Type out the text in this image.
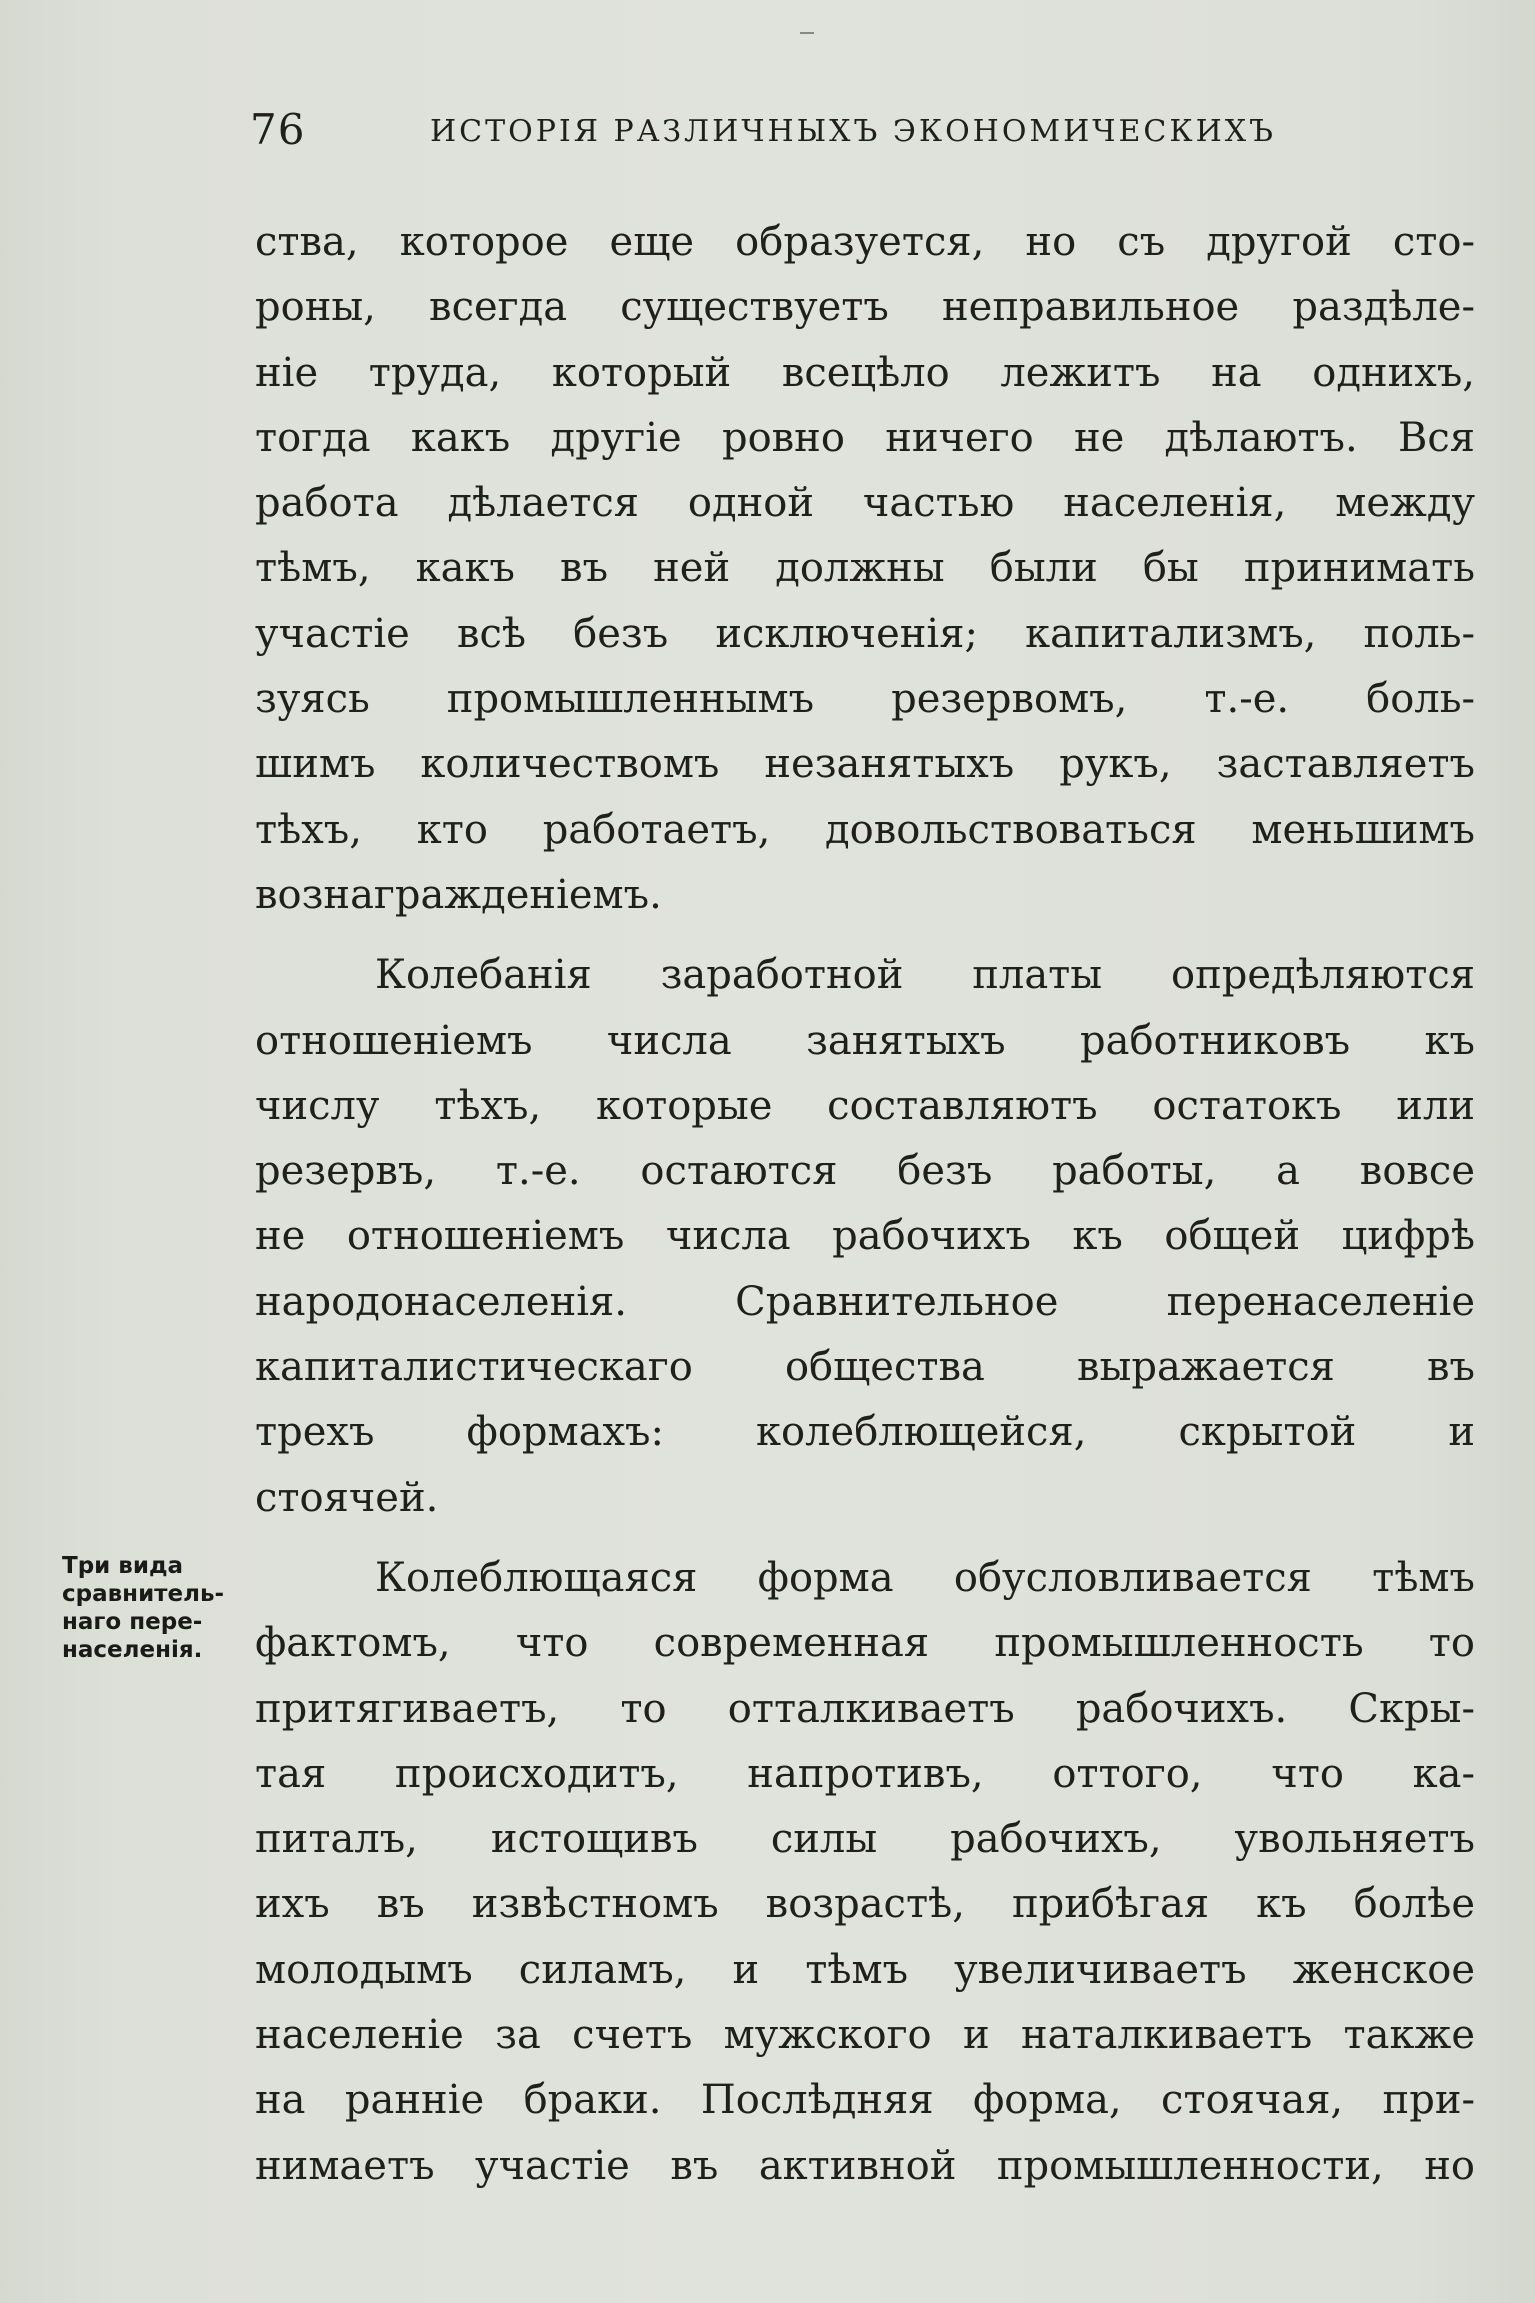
76	ИСТОРІЯ РАЗЛИЧНЫХЪ ЭКОНОМИЧЕСКИХЪ
Три вида
сравнитель-
наго пере-
населенія.
ства, которое еще образуется, но съ другой сто-
роны, всегда существуетъ неправильное раздѣле-
ніе труда, который всецѣло лежитъ на однихъ,
тогда какъ другіе ровно ничего не дѣлаютъ. Вся
работа дѣлается одной частью населенія, между
тѣмъ, какъ въ ней должны были бы принимать
участіе всѣ безъ исключенія; капитализмъ, поль-
зуясь промышленнымъ резервомъ, т.-е. боль-
шимъ количествомъ незанятыхъ рукъ, заставляетъ
тѣхъ, кто работаетъ, довольствоваться меньшимъ
вознагражденіемъ.
Колебанія заработной платы опредѣляются
отношеніемъ числа занятыхъ работниковъ къ
числу тѣхъ, которые составляютъ остатокъ или
резервъ, т.-е. остаются безъ работы, а вовсе
не отношеніемъ числа рабочихъ къ общей цифрѣ
народонаселенія. Сравнительное перенаселеніе
капиталистическаго общества выражается въ
трехъ формахъ: колеблющейся, скрытой и
стоячей.
Колеблющаяся форма обусловливается тѣмъ
фактомъ, что современная промышленность то
притягиваетъ, то отталкиваетъ рабочихъ. Скры-
тая происходитъ, напротивъ, оттого, что ка-
питалъ, истощивъ силы рабочихъ, увольняетъ
ихъ въ извѣстномъ возрастѣ, прибѣгая къ болѣе
молодымъ силамъ, и тѣмъ увеличиваетъ женское
населеніе за счетъ мужского и наталкиваетъ также
на ранніе браки. Послѣдняя форма, стоячая, при-
нимаетъ участіе въ активной промышленности, но
